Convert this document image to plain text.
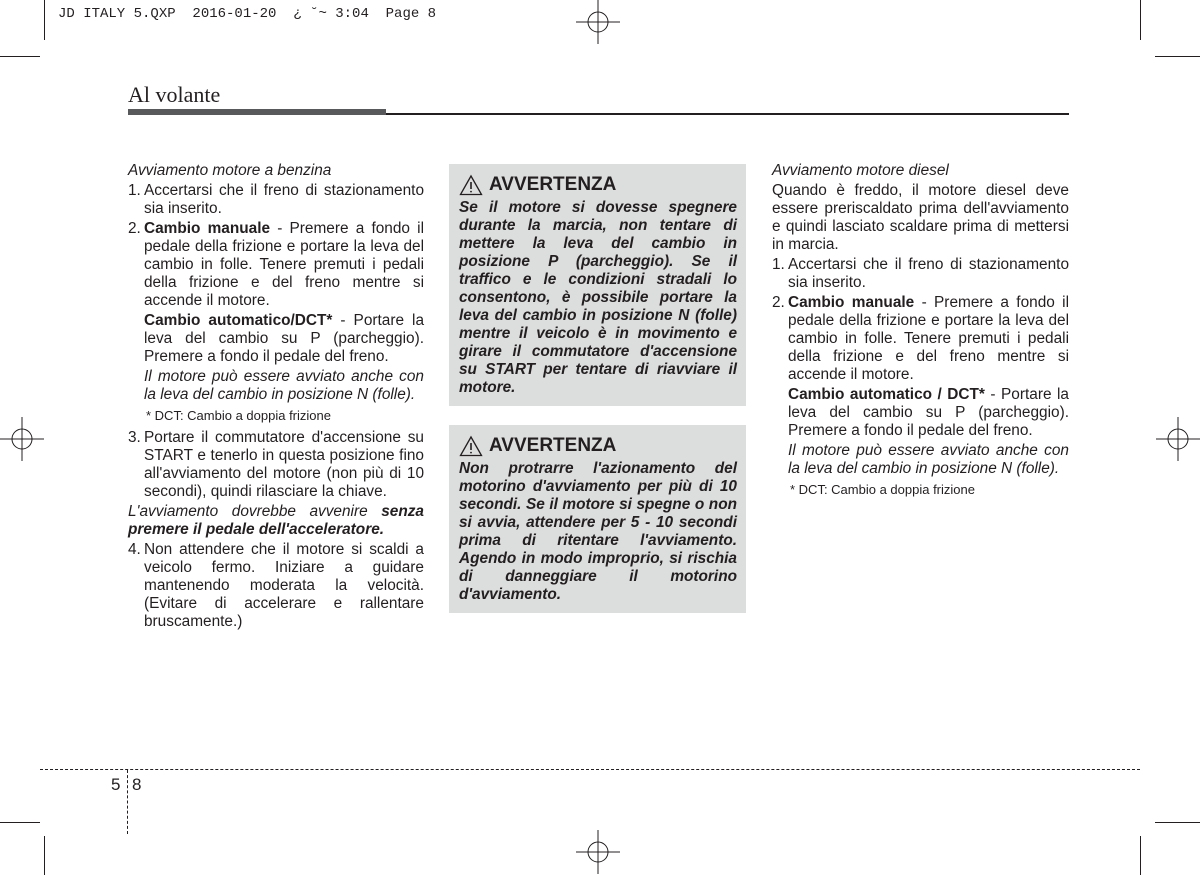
JD ITALY 5.QXP  2016-01-20  ¿ ˘~ 3:04  Page 8
Al volante

Avviamento motore a benzina

1. Accertarsi che il freno di stazionamento sia inserito.

2. Cambio manuale - Premere a fondo il pedale della frizione e portare la leva del cambio in folle. Tenere premuti i pedali della frizione e del freno mentre si accende il motore.

Cambio automatico/DCT* - Portare la leva del cambio su P (parcheggio). Premere a fondo il pedale del freno.

Il motore può essere avviato anche con la leva del cambio in posizione N (folle).

* DCT: Cambio a doppia frizione

3. Portare il commutatore d'accensione su START e tenerlo in questa posizione fino all'avviamento del motore (non più di 10 secondi), quindi rilasciare la chiave.

L'avviamento dovrebbe avvenire senza premere il pedale dell'acceleratore.

4. Non attendere che il motore si scaldi a veicolo fermo. Iniziare a guidare mantenendo moderata la velocità. (Evitare di accelerare e rallentare bruscamente.)

AVVERTENZA

Se il motore si dovesse spegnere durante la marcia, non tentare di mettere la leva del cambio in posizione P (parcheggio). Se il traffico e le condizioni stradali lo consentono, è possibile portare la leva del cambio in posizione N (folle) mentre il veicolo è in movimento e girare il commutatore d'accensione su START per tentare di riavviare il motore.

AVVERTENZA

Non protrarre l'azionamento del motorino d'avviamento per più di 10 secondi. Se il motore si spegne o non si avvia, attendere per 5 - 10 secondi prima di ritentare l'avviamento. Agendo in modo improprio, si rischia di danneggiare il motorino d'avviamento.

Avviamento motore diesel

Quando è freddo, il motore diesel deve essere preriscaldato prima dell'avviamento e quindi lasciato scaldare prima di mettersi in marcia.

1. Accertarsi che il freno di stazionamento sia inserito.

2. Cambio manuale - Premere a fondo il pedale della frizione e portare la leva del cambio in folle. Tenere premuti i pedali della frizione e del freno mentre si accende il motore.

Cambio automatico / DCT* - Portare la leva del cambio su P (parcheggio). Premere a fondo il pedale del freno.

Il motore può essere avviato anche con la leva del cambio in posizione N (folle).

* DCT: Cambio a doppia frizione

5 8
